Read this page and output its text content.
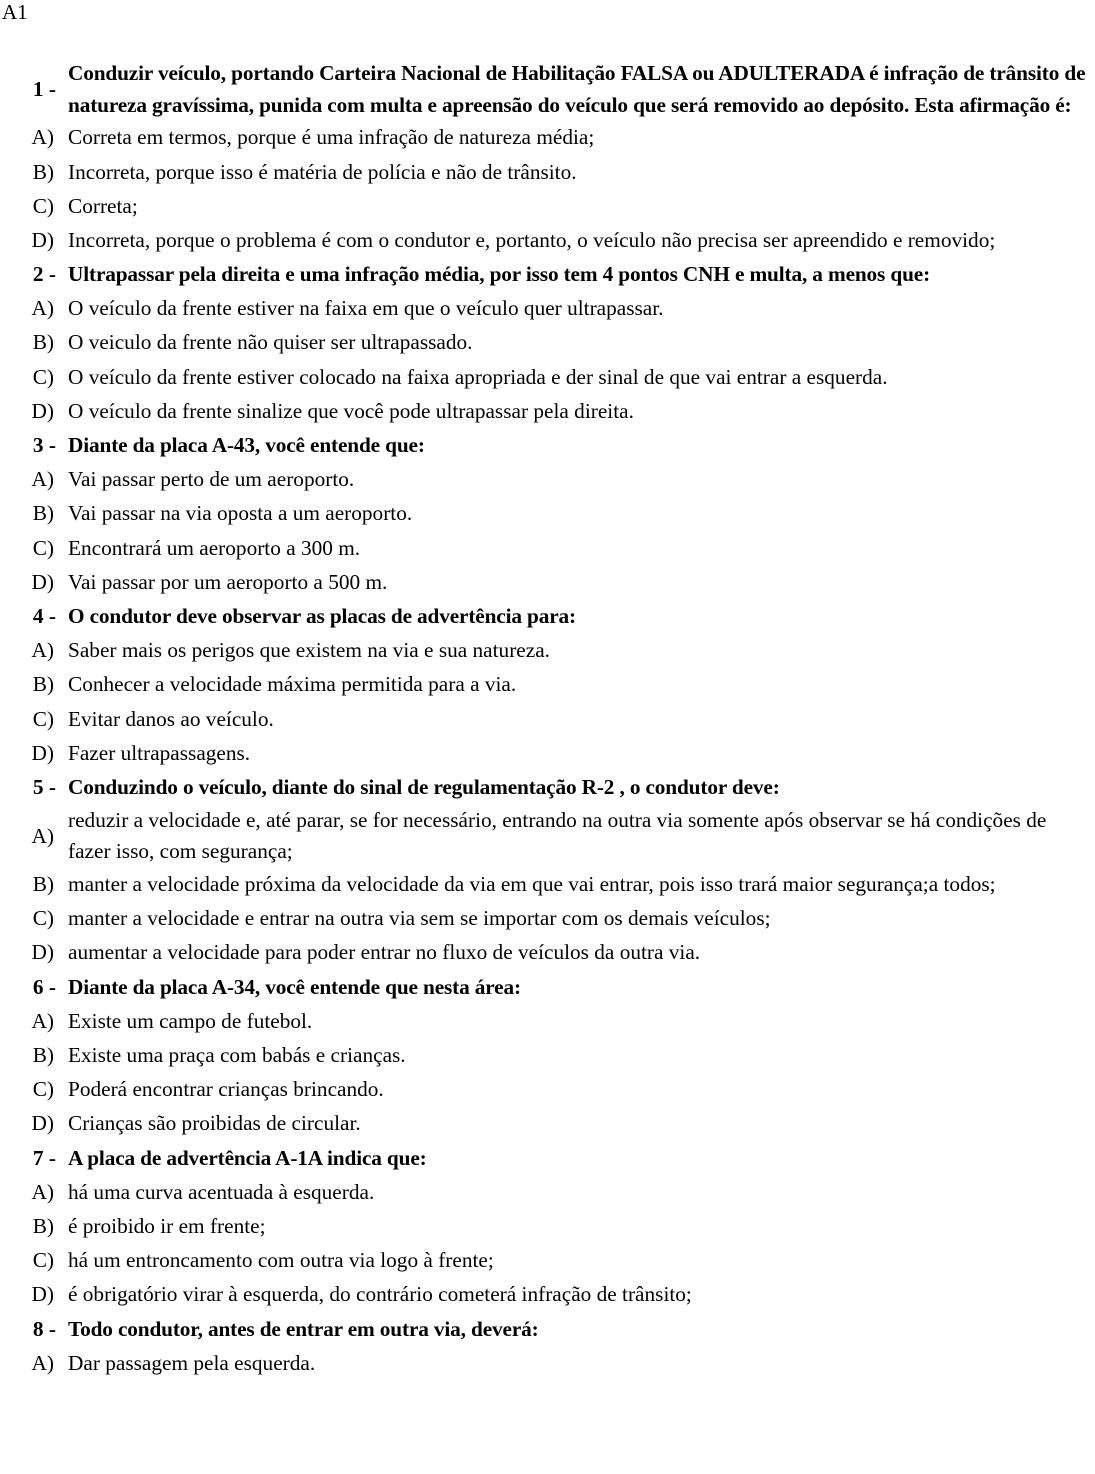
A1
1 -
Conduzir veículo, portando Carteira Nacional de Habilitação FALSA ou ADULTERADA é infração de trânsito de natureza gravíssima, punida com multa e apreensão do veículo que será removido ao depósito. Esta afirmação é:
A) Correta em termos, porque é uma infração de natureza média;
B) Incorreta, porque isso é matéria de polícia e não de trânsito.
C) Correta;
D) Incorreta, porque o problema é com o condutor e, portanto, o veículo não precisa ser apreendido e removido;
2 - Ultrapassar pela direita e uma infração média, por isso tem 4 pontos CNH e multa, a menos que:
A) O veículo da frente estiver na faixa em que o veículo quer ultrapassar.
B) O veiculo da frente não quiser ser ultrapassado.
C) O veículo da frente estiver colocado na faixa apropriada e der sinal de que vai entrar a esquerda.
D) O veículo da frente sinalize que você pode ultrapassar pela direita.
3 - Diante da placa A-43, você entende que:
A) Vai passar perto de um aeroporto.
B) Vai passar na via oposta a um aeroporto.
C) Encontrará um aeroporto a 300 m.
D) Vai passar por um aeroporto a 500 m.
4 - O condutor deve observar as placas de advertência para:
A) Saber mais os perigos que existem na via e sua natureza.
B) Conhecer a velocidade máxima permitida para a via.
C) Evitar danos ao veículo.
D) Fazer ultrapassagens.
5 - Conduzindo o veículo, diante do sinal de regulamentação R-2 , o condutor deve:
A)
reduzir a velocidade e, até parar, se for necessário, entrando na outra via somente após observar se há condições de fazer isso, com segurança;
B) manter a velocidade próxima da velocidade da via em que vai entrar, pois isso trará maior segurança;a todos;
C) manter a velocidade e entrar na outra via sem se importar com os demais veículos;
D) aumentar a velocidade para poder entrar no fluxo de veículos da outra via.
6 - Diante da placa A-34, você entende que nesta área:
A) Existe um campo de futebol.
B) Existe uma praça com babás e crianças.
C) Poderá encontrar crianças brincando.
D) Crianças são proibidas de circular.
7 - A placa de advertência A-1A indica que:
A) há uma curva acentuada à esquerda.
B) é proibido ir em frente;
C) há um entroncamento com outra via logo à frente;
D) é obrigatório virar à esquerda, do contrário cometerá infração de trânsito;
8 - Todo condutor, antes de entrar em outra via, deverá:
A) Dar passagem pela esquerda.
